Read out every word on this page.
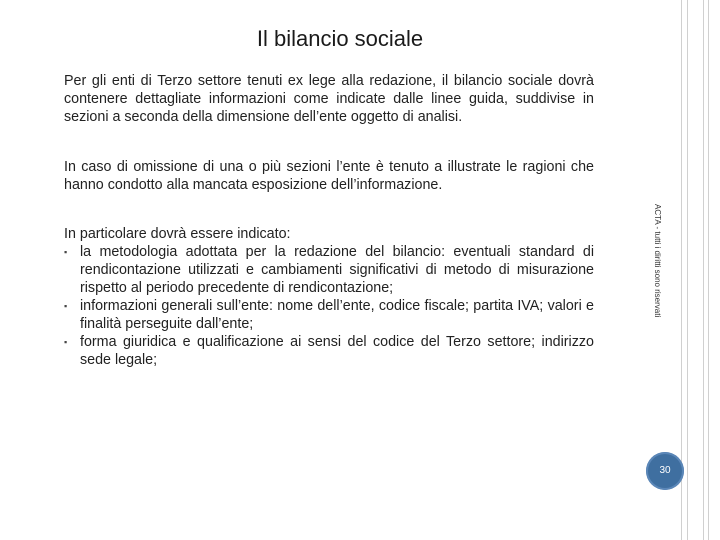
Il bilancio sociale

Per gli enti di Terzo settore tenuti ex lege alla redazione, il bilancio sociale dovrà contenere dettagliate informazioni come indicate dalle linee guida, suddivise in sezioni a seconda della dimensione dell’ente oggetto di analisi.

In caso di omissione di una o più sezioni l’ente è tenuto a illustrate le ragioni che hanno condotto alla mancata esposizione dell’informazione.

In particolare dovrà essere indicato:
▪ la metodologia adottata per la redazione del bilancio: eventuali standard di rendicontazione utilizzati e cambiamenti significativi di metodo di misurazione rispetto al periodo precedente di rendicontazione;
▪ informazioni generali sull’ente: nome dell’ente, codice fiscale; partita IVA; valori e finalità perseguite dall’ente;
▪ forma giuridica e qualificazione ai sensi del codice del Terzo settore; indirizzo sede legale;
ACTA - tutti i diritti sono riservati
30
